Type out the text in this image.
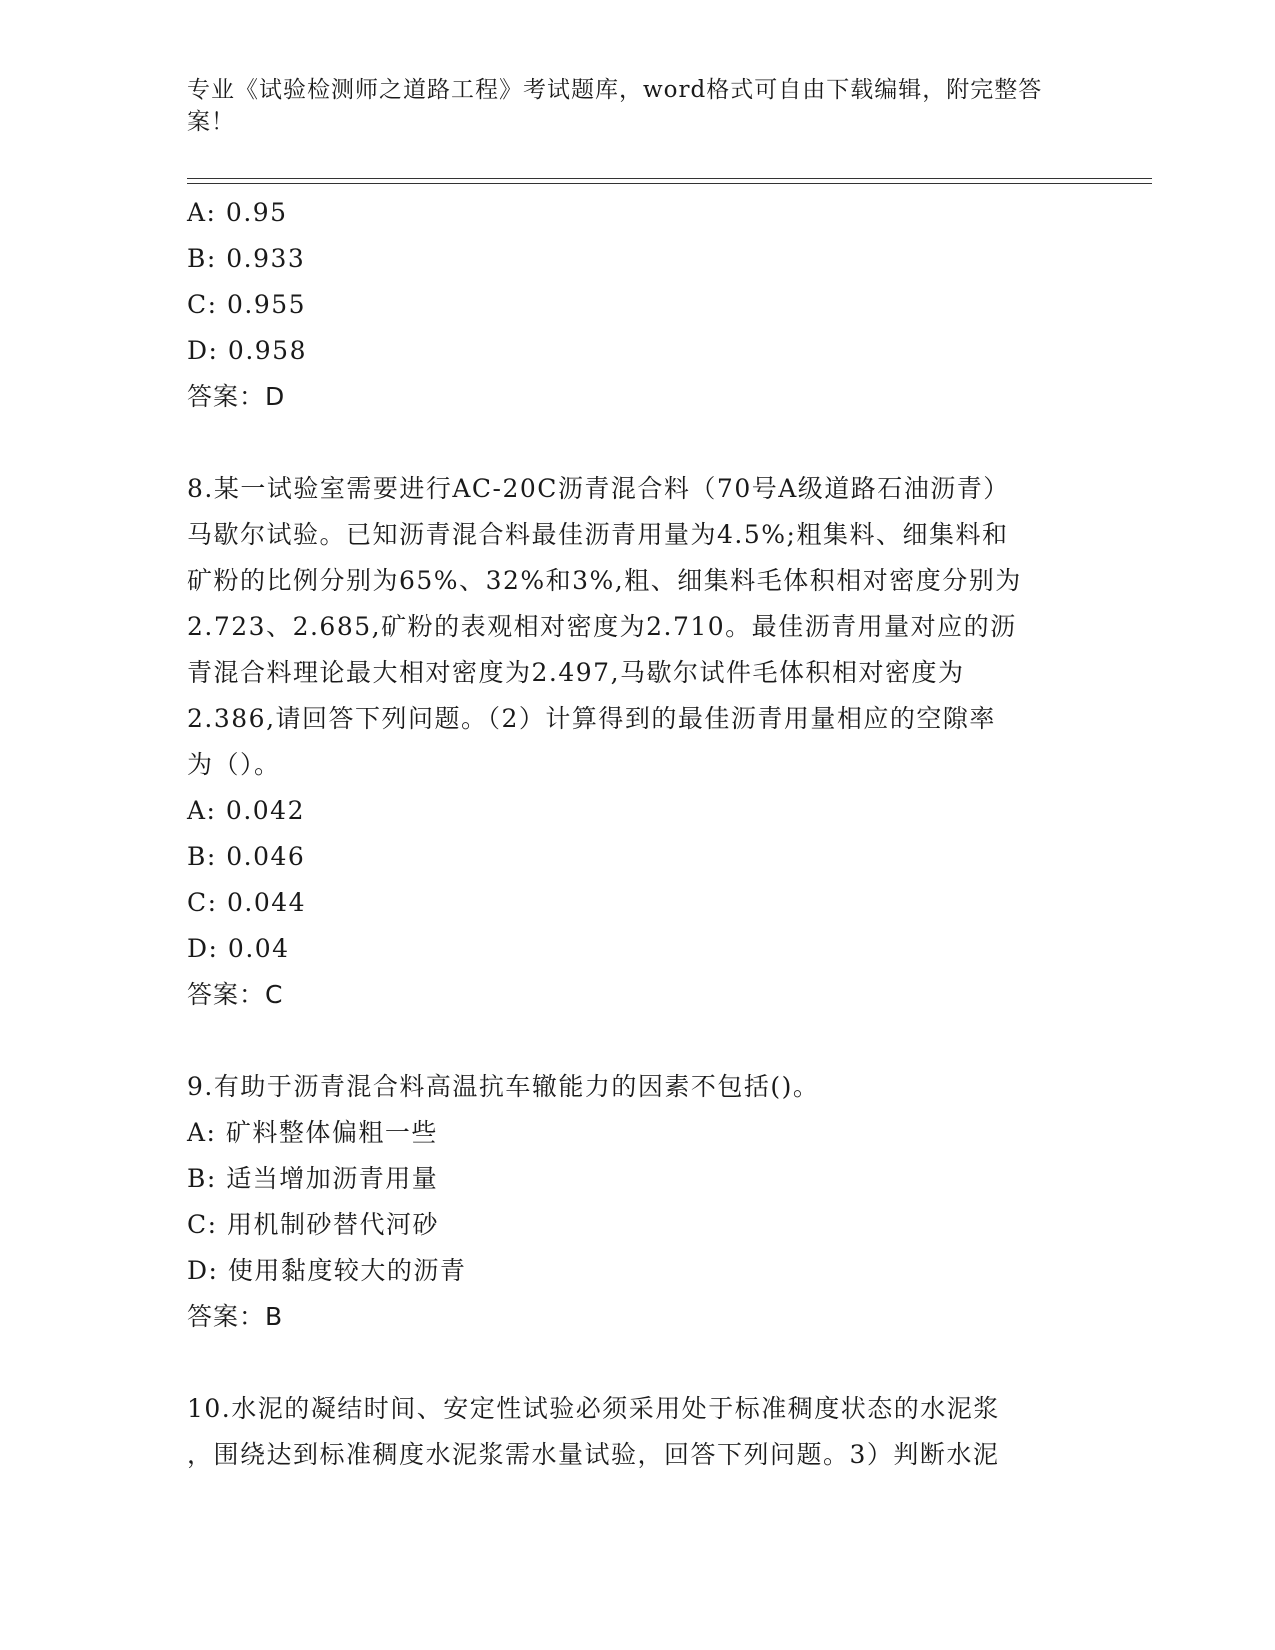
专业《试验检测师之道路工程》考试题库，word格式可自由下载编辑，附完整答
案！
A: 0.95
B: 0.933
C: 0.955
D: 0.958
答案：D
8.某一试验室需要进行AC-20C沥青混合料（70号A级道路石油沥青）
马歇尔试验。已知沥青混合料最佳沥青用量为4.5%;粗集料、细集料和
矿粉的比例分别为65%、32%和3%,粗、细集料毛体积相对密度分别为
2.723、2.685,矿粉的表观相对密度为2.710。最佳沥青用量对应的沥
青混合料理论最大相对密度为2.497,马歇尔试件毛体积相对密度为
2.386,请回答下列问题。（2）计算得到的最佳沥青用量相应的空隙率
为（）。
A: 0.042
B: 0.046
C: 0.044
D: 0.04
答案：C
9.有助于沥青混合料高温抗车辙能力的因素不包括()。
A: 矿料整体偏粗一些
B: 适当增加沥青用量
C: 用机制砂替代河砂
D: 使用黏度较大的沥青
答案：B
10.水泥的凝结时间、安定性试验必须采用处于标准稠度状态的水泥浆
，围绕达到标准稠度水泥浆需水量试验，回答下列问题。3）判断水泥
